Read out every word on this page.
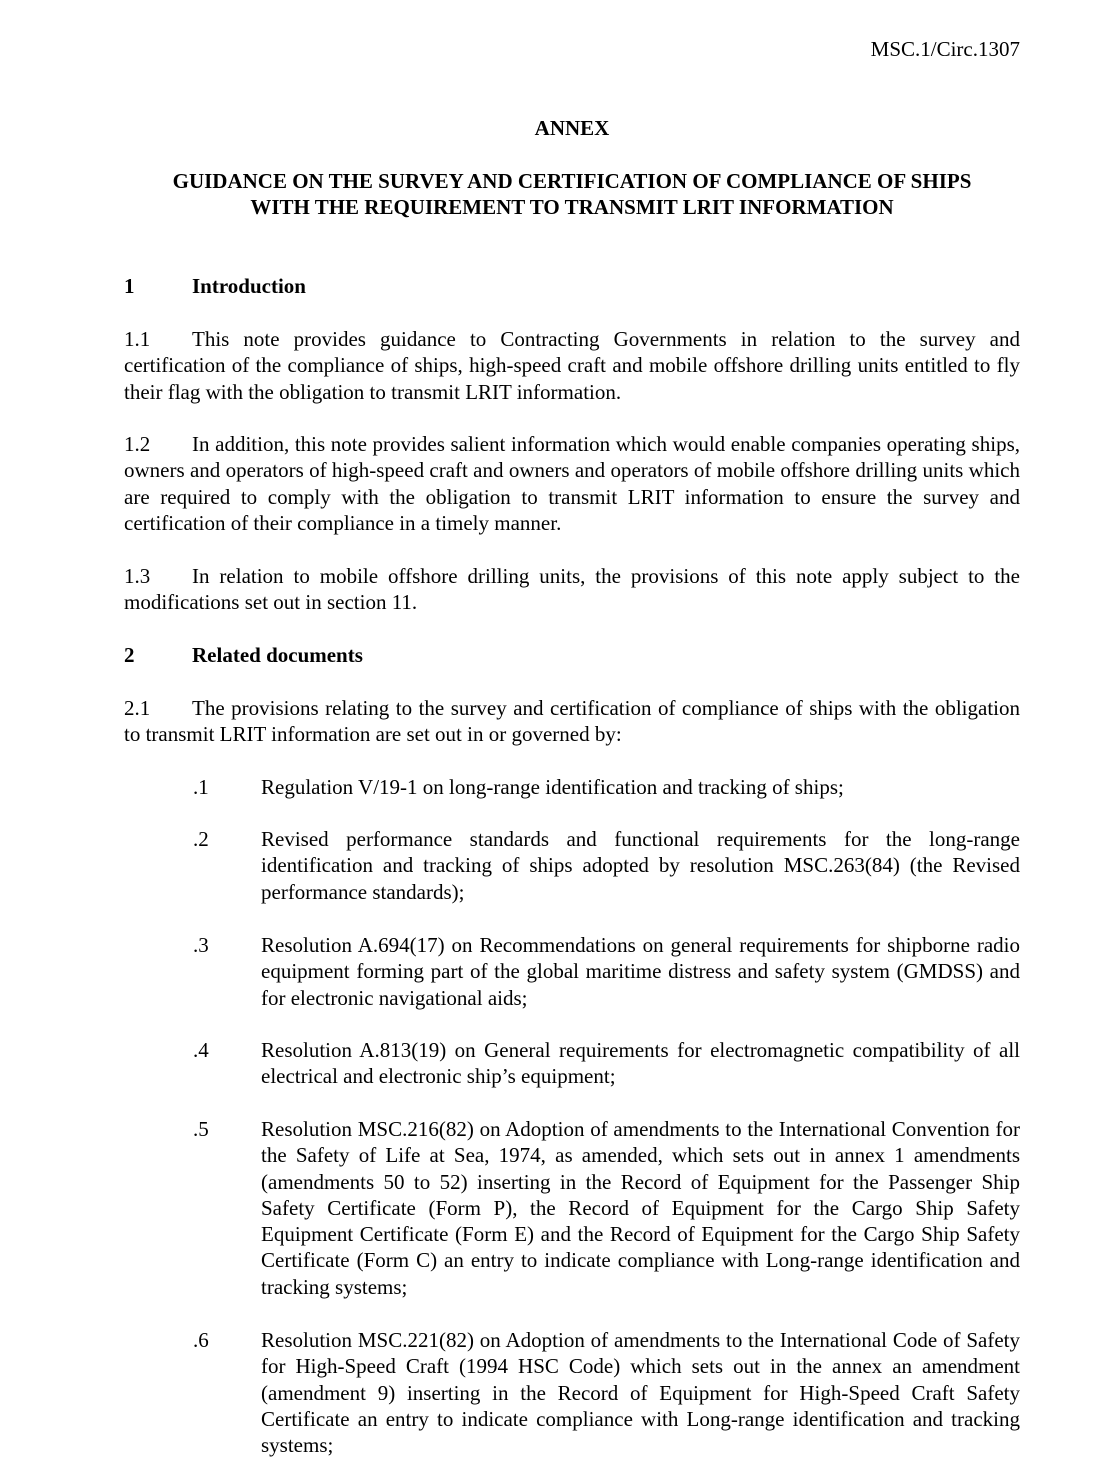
MSC.1/Circ.1307
ANNEX
GUIDANCE ON THE SURVEY AND CERTIFICATION OF COMPLIANCE OF SHIPS
WITH THE REQUIREMENT TO TRANSMIT LRIT INFORMATION
1	Introduction
1.1 This note provides guidance to Contracting Governments in relation to the survey and certification of the compliance of ships, high-speed craft and mobile offshore drilling units entitled to fly their flag with the obligation to transmit LRIT information.
1.2 In addition, this note provides salient information which would enable companies operating ships, owners and operators of high-speed craft and owners and operators of mobile offshore drilling units which are required to comply with the obligation to transmit LRIT information to ensure the survey and certification of their compliance in a timely manner.
1.3 In relation to mobile offshore drilling units, the provisions of this note apply subject to the modifications set out in section 11.
2	Related documents
2.1 The provisions relating to the survey and certification of compliance of ships with the obligation to transmit LRIT information are set out in or governed by:
.1	Regulation V/19-1 on long-range identification and tracking of ships;
.2	Revised performance standards and functional requirements for the long-range identification and tracking of ships adopted by resolution MSC.263(84) (the Revised performance standards);
.3	Resolution A.694(17) on Recommendations on general requirements for shipborne radio equipment forming part of the global maritime distress and safety system (GMDSS) and for electronic navigational aids;
.4	Resolution A.813(19) on General requirements for electromagnetic compatibility of all electrical and electronic ship’s equipment;
.5	Resolution MSC.216(82) on Adoption of amendments to the International Convention for the Safety of Life at Sea, 1974, as amended, which sets out in annex 1 amendments (amendments 50 to 52) inserting in the Record of Equipment for the Passenger Ship Safety Certificate (Form P), the Record of Equipment for the Cargo Ship Safety Equipment Certificate (Form E) and the Record of Equipment for the Cargo Ship Safety Certificate (Form C) an entry to indicate compliance with Long-range identification and tracking systems;
.6	Resolution MSC.221(82) on Adoption of amendments to the International Code of Safety for High-Speed Craft (1994 HSC Code) which sets out in the annex an amendment (amendment 9) inserting in the Record of Equipment for High-Speed Craft Safety Certificate an entry to indicate compliance with Long-range identification and tracking systems;
